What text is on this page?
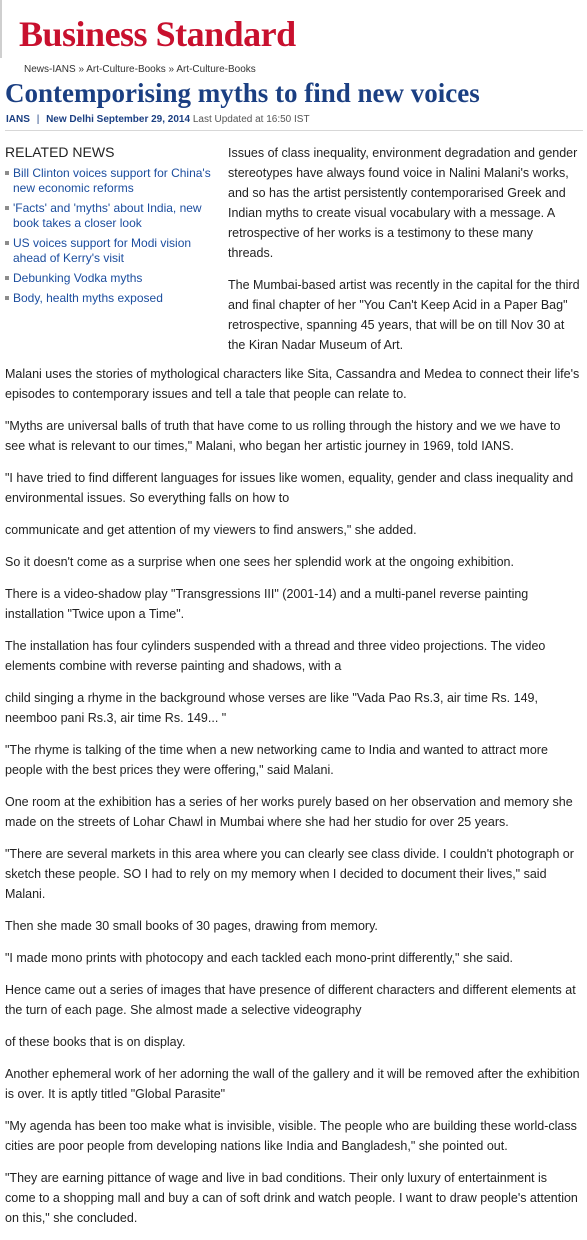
Business Standard
News-IANS » Art-Culture-Books » Art-Culture-Books
Contemporising myths to find new voices
IANS | New Delhi September 29, 2014 Last Updated at 16:50 IST
RELATED NEWS
Bill Clinton voices support for China's new economic reforms
'Facts' and 'myths' about India, new book takes a closer look
US voices support for Modi vision ahead of Kerry's visit
Debunking Vodka myths
Body, health myths exposed

Issues of class inequality, environment degradation and gender stereotypes have always found voice in Nalini Malani's works, and so has the artist persistently contemporarised Greek and Indian myths to create visual vocabulary with a message. A retrospective of her works is a testimony to these many threads.

The Mumbai-based artist was recently in the capital for the third and final chapter of her "You Can't Keep Acid in a Paper Bag" retrospective, spanning 45 years, that will be on till Nov 30 at the Kiran Nadar Museum of Art.

Malani uses the stories of mythological characters like Sita, Cassandra and Medea to connect their life's episodes to contemporary issues and tell a tale that people can relate to.

"Myths are universal balls of truth that have come to us rolling through the history and we we have to see what is relevant to our times," Malani, who began her artistic journey in 1969, told IANS.

"I have tried to find different languages for issues like women, equality, gender and class inequality and environmental issues. So everything falls on how to

communicate and get attention of my viewers to find answers," she added.

So it doesn't come as a surprise when one sees her splendid work at the ongoing exhibition.

There is a video-shadow play "Transgressions III" (2001-14) and a multi-panel reverse painting installation "Twice upon a Time".

The installation has four cylinders suspended with a thread and three video projections. The video elements combine with reverse painting and shadows, with a

child singing a rhyme in the background whose verses are like "Vada Pao Rs.3, air time Rs. 149, neemboo pani Rs.3, air time Rs. 149... "

"The rhyme is talking of the time when a new networking came to India and wanted to attract more people with the best prices they were offering," said Malani.

One room at the exhibition has a series of her works purely based on her observation and memory she made on the streets of Lohar Chawl in Mumbai where she had her studio for over 25 years.

"There are several markets in this area where you can clearly see class divide. I couldn't photograph or sketch these people. SO I had to rely on my memory when I decided to document their lives," said Malani.

Then she made 30 small books of 30 pages, drawing from memory.

"I made mono prints with photocopy and each tackled each mono-print differently," she said.

Hence came out a series of images that have presence of different characters and different elements at the turn of each page. She almost made a selective videography

of these books that is on display.

Another ephemeral work of her adorning the wall of the gallery and it will be removed after the exhibition is over. It is aptly titled "Global Parasite"

"My agenda has been too make what is invisible, visible. The people who are building these world-class cities are poor people from developing nations like India and Bangladesh," she pointed out.

"They are earning pittance of wage and live in bad conditions. Their only luxury of entertainment is come to a shopping mall and buy a can of soft drink and watch people. I want to draw people's attention on this," she concluded.
